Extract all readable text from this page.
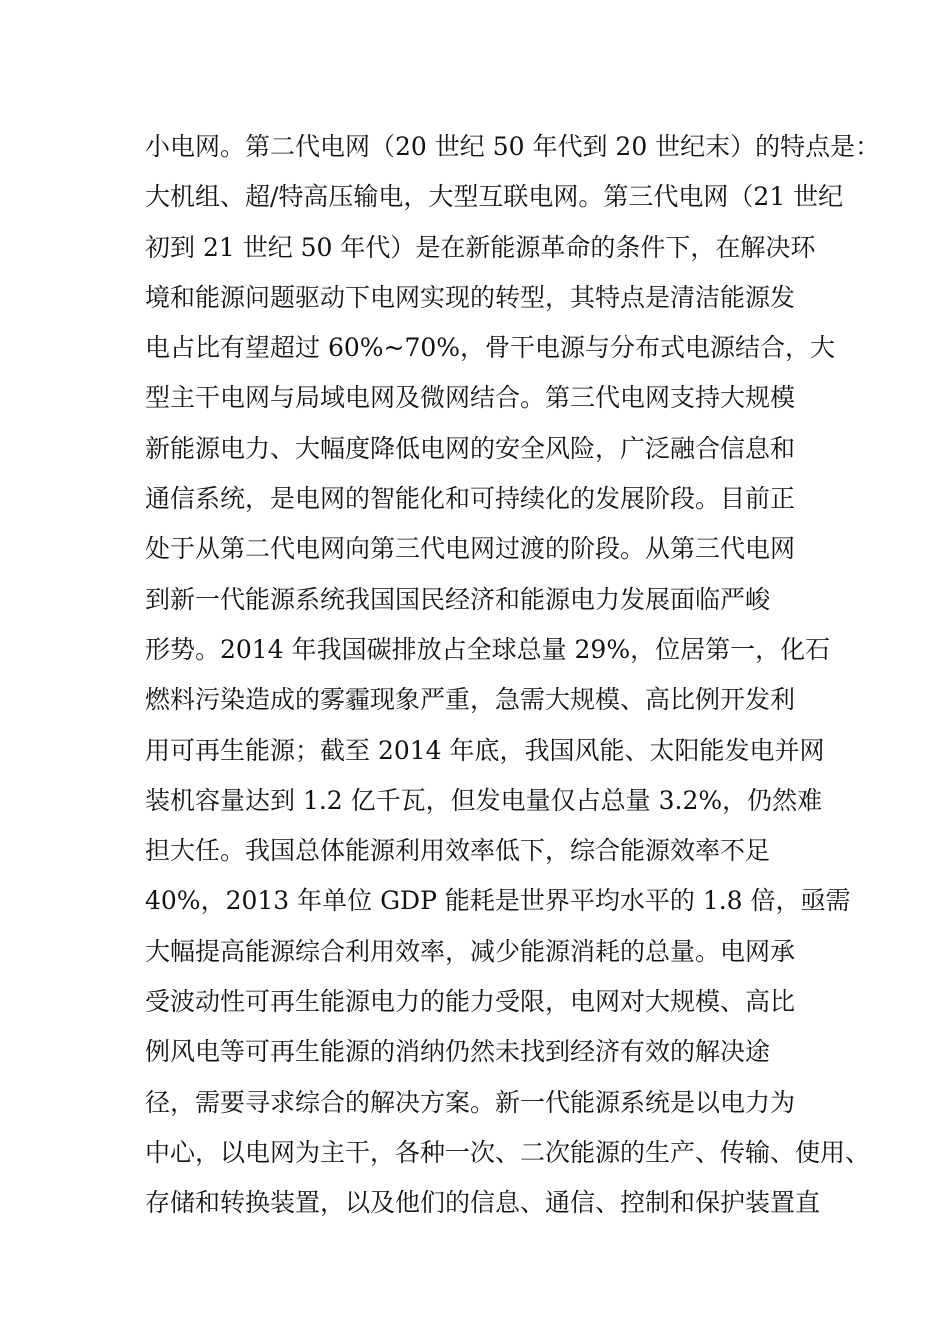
小电网。第二代电网（20 世纪 50 年代到 20 世纪末）的特点是：
大机组、超/特高压输电，大型互联电网。第三代电网（21 世纪
初到 21 世纪 50 年代）是在新能源革命的条件下，在解决环
境和能源问题驱动下电网实现的转型，其特点是清洁能源发
电占比有望超过 60%~70%，骨干电源与分布式电源结合，大
型主干电网与局域电网及微网结合。第三代电网支持大规模
新能源电力、大幅度降低电网的安全风险，广泛融合信息和
通信系统，是电网的智能化和可持续化的发展阶段。目前正
处于从第二代电网向第三代电网过渡的阶段。从第三代电网
到新一代能源系统我国国民经济和能源电力发展面临严峻
形势。2014 年我国碳排放占全球总量 29%，位居第一，化石
燃料污染造成的雾霾现象严重，急需大规模、高比例开发利
用可再生能源；截至 2014 年底，我国风能、太阳能发电并网
装机容量达到 1.2 亿千瓦，但发电量仅占总量 3.2%，仍然难
担大任。我国总体能源利用效率低下，综合能源效率不足
40%，2013 年单位 GDP 能耗是世界平均水平的 1.8 倍，亟需
大幅提高能源综合利用效率，减少能源消耗的总量。电网承
受波动性可再生能源电力的能力受限，电网对大规模、高比
例风电等可再生能源的消纳仍然未找到经济有效的解决途
径，需要寻求综合的解决方案。新一代能源系统是以电力为
中心，以电网为主干，各种一次、二次能源的生产、传输、使用、
存储和转换装置，以及他们的信息、通信、控制和保护装置直
